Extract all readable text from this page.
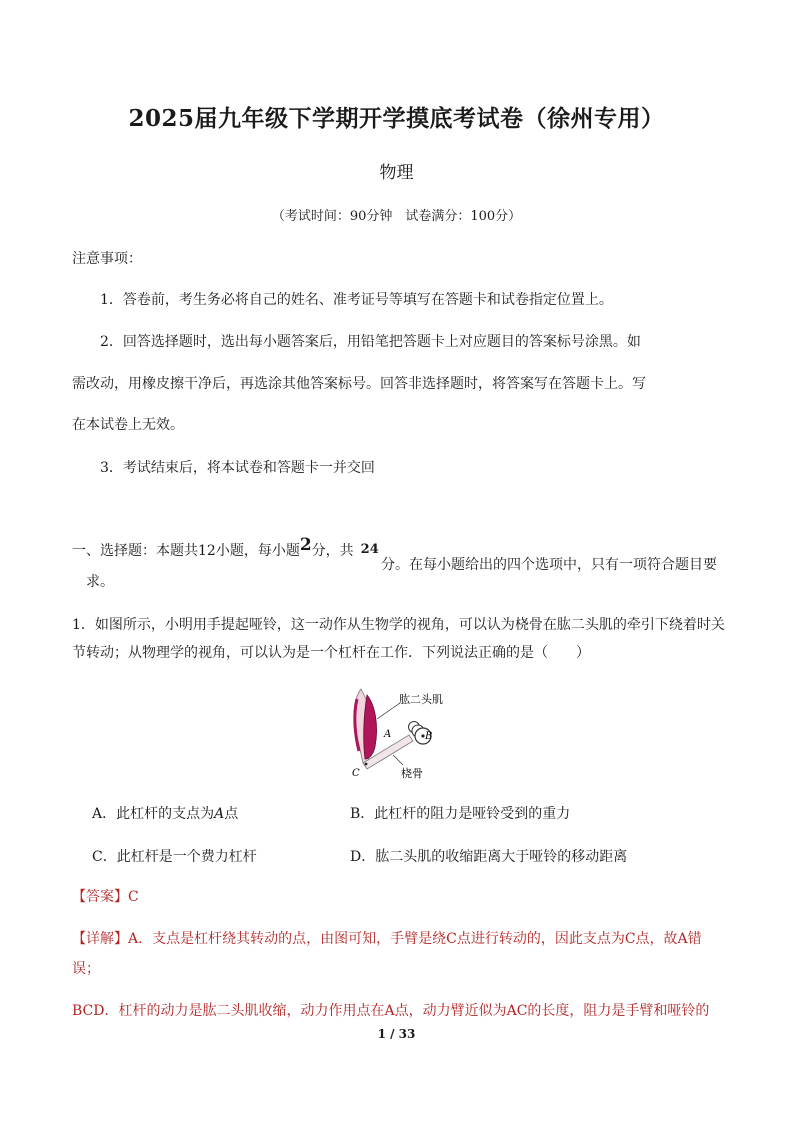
2025届九年级下学期开学摸底考试卷（徐州专用）
物理
（考试时间：90分钟　试卷满分：100分）
注意事项：
1．答卷前，考生务必将自己的姓名、准考证号等填写在答题卡和试卷指定位置上。
2．回答选择题时，选出每小题答案后，用铅笔把答题卡上对应题目的答案标号涂黑。如
需改动，用橡皮擦干净后，再选涂其他答案标号。回答非选择题时，将答案写在答题卡上。写
在本试卷上无效。
3．考试结束后，将本试卷和答题卡一并交回
一、选择题：本题共12小题，每小题2分，共  24
分。在每小题给出的四个选项中，只有一项符合题目要
求。
1．如图所示，小明用手提起哑铃，这一动作从生物学的视角，可以认为桡骨在肱二头肌的牵引下绕着时关
节转动；从物理学的视角，可以认为是一个杠杆在工作．下列说法正确的是（　　）
肱二头肌
桡骨
A	B
C
A．此杠杆的支点为A点	B．此杠杆的阻力是哑铃受到的重力
C．此杠杆是一个费力杠杆	D．肱二头肌的收缩距离大于哑铃的移动距离
【答案】C
【详解】A．支点是杠杆绕其转动的点，由图可知，手臂是绕C点进行转动的，因此支点为C点，故A错
误；
BCD．杠杆的动力是肱二头肌收缩，动力作用点在A点，动力臂近似为AC的长度，阻力是手臂和哑铃的
1 / 33
